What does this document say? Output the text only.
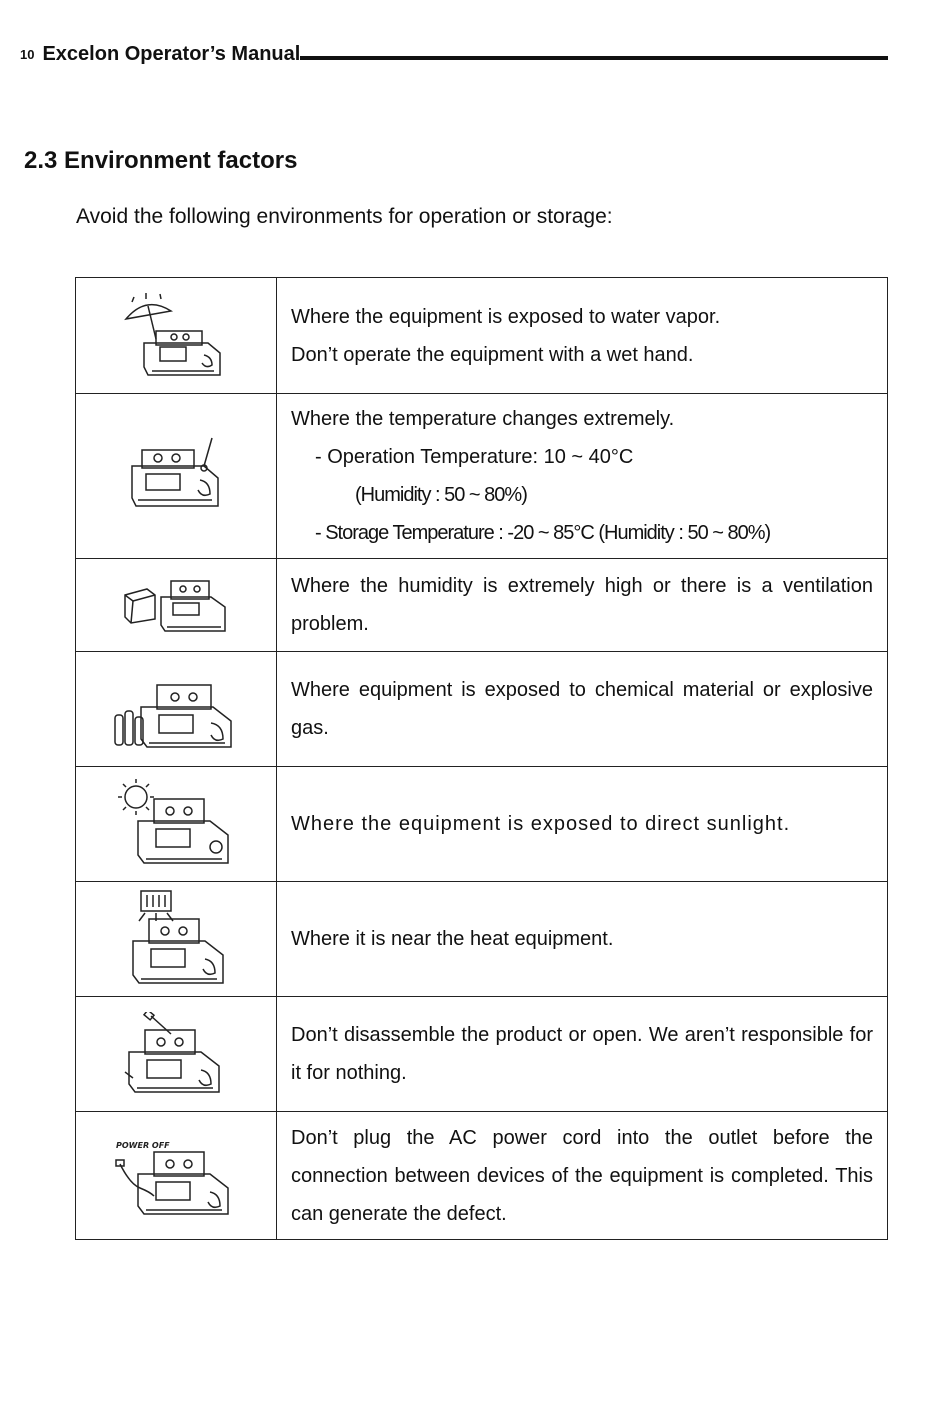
10 Excelon Operator’s Manual
2.3 Environment factors
Avoid the following environments for operation or storage:

Where the equipment is exposed to water vapor.
Don’t operate the equipment with a wet hand.

Where the temperature changes extremely.
- Operation Temperature: 10 ~ 40°C
(Humidity : 50 ~ 80%)
- Storage Temperature : -20 ~ 85°C (Humidity : 50 ~ 80%)

Where the humidity is extremely high or there is a ventilation problem.

Where equipment is exposed to chemical material or explosive gas.

Where the equipment is exposed to direct sunlight.

Where it is near the heat equipment.

Don’t disassemble the product or open. We aren’t responsible for it for nothing.

POWER OFF	Don’t plug the AC power cord into the outlet before the connection between devices of the equipment is completed. This can generate the defect.
